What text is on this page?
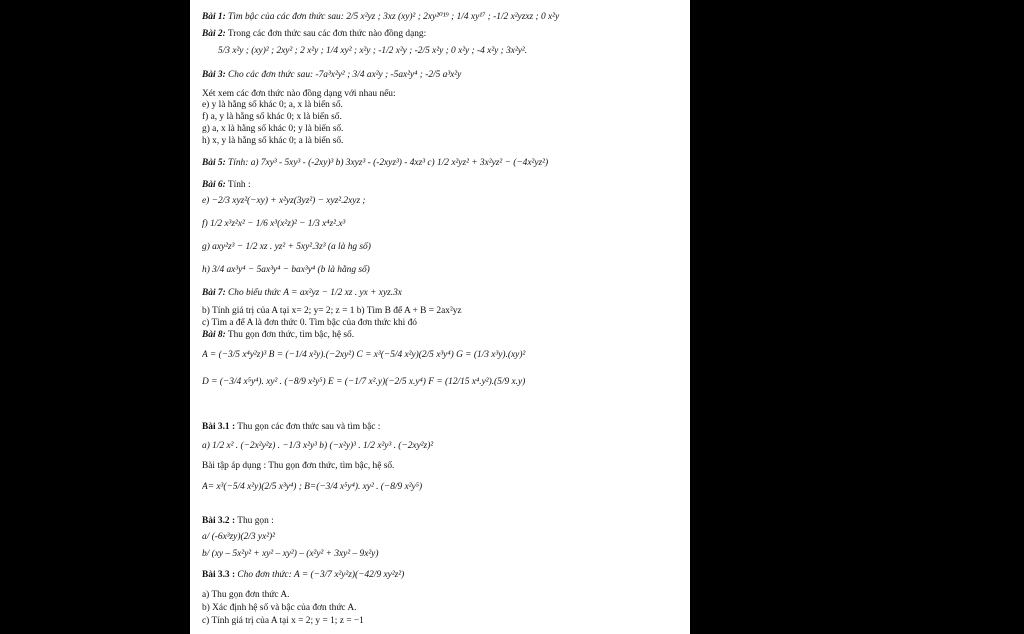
Bài 1: Tìm bậc của các đơn thức sau: 2/5 x²yz ; 3xz (xy)² ; 2xy²⁰¹⁹ ; 1/4 xy¹⁷ ; -1/2 x²yzxz ; 0 x²y
Bài 2: Trong các đơn thức sau các đơn thức nào đồng dạng:
5/3 x²y ; (xy)² ; 2xy² ; 2 x²y ; 1/4 xy² ; x²y ; -1/2 x²y ; -2/5 x²y ; 0 x²y ; -4 x²y ; 3x²y².
Bài 3: Cho các đơn thức sau: -7a³x²y² ; 3/4 ax²y ; -5ax²y⁴ ; -2/5 a³x²y
Xét xem các đơn thức nào đồng dạng với nhau nếu:
e) y là hằng số khác 0; a, x là biến số.
f) a, y là hằng số khác 0; x là biến số.
g) a, x là hằng số khác 0; y là biến số.
h) x, y là hằng số khác 0; a là biến số.
Bài 5: Tính: a) 7xy³ - 5xy³ - (-2xy)³ b) 3xyz³ - (-2xyz³) - 4xz³ c) 1/2 x²yz² + 3x²yz² − (−4x²yz²)
Bài 6: Tính :
e) −2/3 xyz²(−xy) + x²yz(3yz²) − xyz².2xyz ;
f) 1/2 x³z²x² − 1/6 x³(x²z)² − 1/3 x⁴z².x³
g) axy²z³ − 1/2 xz . yz² + 5xy².3z³ (a là hg số)
h) 3/4 ax³y⁴ − 5ax³y⁴ − bax³y⁴ (b là hằng số)
Bài 7: Cho biểu thức A = ax²yz − 1/2 xz . yx + xyz.3x
b) Tính giá trị của A tại x= 2; y= 2; z = 1 b) Tìm B để A + B = 2ax²yz
c) Tìm a để A là đơn thức 0. Tìm bậc của đơn thức khi đó
Bài 8: Thu gọn đơn thức, tìm bậc, hệ số.
A = (−3/5 x⁴y²z)³ B = (−1/4 x²y).(−2xy²) C = x³(−5/4 x²y)(2/5 x³y⁴) G = (1/3 x³y).(xy)²
D = (−3/4 x⁵y⁴). xy² . (−8/9 x²y⁵) E = (−1/7 x².y)(−2/5 x.y⁴) F = (12/15 x⁴.y²).(5/9 x.y)
Bài 3.1 : Thu gọn các đơn thức sau và tìm bậc :
a) 1/2 x² . (−2x²y²z) . −1/3 x²y³ b) (−x²y)³ . 1/2 x²y³ . (−2xy²z)²
Bài tập áp dụng : Thu gọn đơn thức, tìm bậc, hệ số.
A= x³(−5/4 x²y)(2/5 x³y⁴) ; B=(−3/4 x⁵y⁴). xy² . (−8/9 x²y⁵)
Bài 3.2 : Thu gọn :
a/ (-6x³zy)(2/3 yx²)²
b/ (xy – 5x²y² + xy² – xy²) – (x²y² + 3xy² – 9x²y)
Bài 3.3 : Cho đơn thức: A = (−3/7 x²y²z)(−42/9 xy²z²)
a) Thu gọn đơn thức A.
b) Xác định hệ số và bậc của đơn thức A.
c) Tính giá trị của A tại x = 2; y = 1; z = −1
